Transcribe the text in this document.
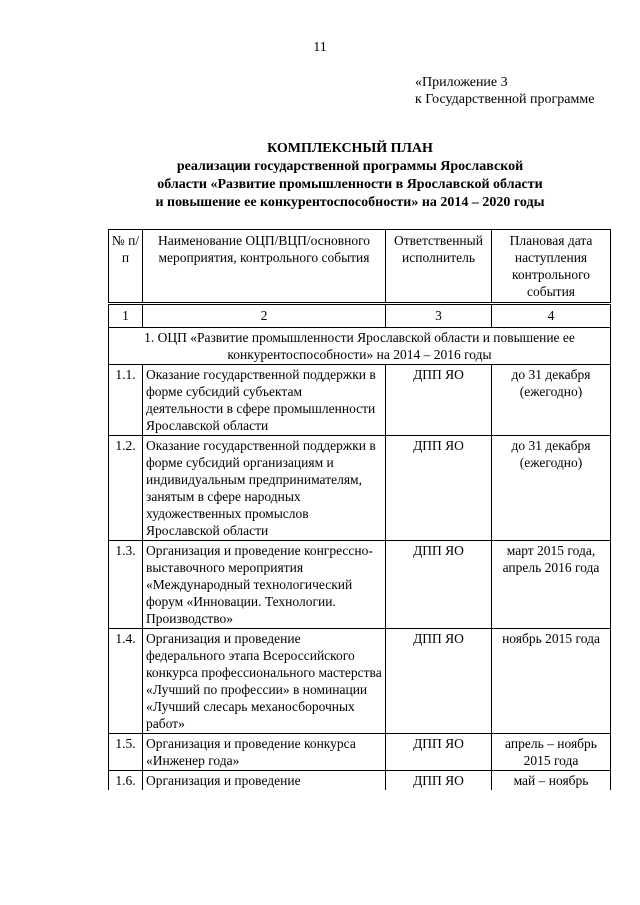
11
«Приложение 3
к Государственной программе
КОМПЛЕКСНЫЙ ПЛАН
реализации государственной программы Ярославской
области «Развитие промышленности в Ярославской области
и повышение ее конкурентоспособности» на 2014 – 2020 годы
№ п/п	Наименование ОЦП/ВЦП/основного мероприятия, контрольного события	Ответственный исполнитель	Плановая дата наступления контрольного события
1	2	3	4
1. ОЦП «Развитие промышленности Ярославской области и повышение ее конкурентоспособности» на 2014 – 2016 годы			
1.1.	Оказание государственной поддержки в форме субсидий субъектам деятельности в сфере промышленности Ярославской области	ДПП ЯО	до 31 декабря (ежегодно)
1.2.	Оказание государственной поддержки в форме субсидий организациям и индивидуальным предпринимателям, занятым в сфере народных художественных промыслов Ярославской области	ДПП ЯО	до 31 декабря (ежегодно)
1.3.	Организация и проведение конгрессно-выставочного мероприятия «Международный технологический форум «Инновации. Технологии. Производство»	ДПП ЯО	март 2015 года, апрель 2016 года
1.4.	Организация и проведение федерального этапа Всероссийского конкурса профессионального мастерства «Лучший по профессии» в номинации «Лучший слесарь механосборочных работ»	ДПП ЯО	ноябрь 2015 года
1.5.	Организация и проведение конкурса «Инженер года»	ДПП ЯО	апрель – ноябрь 2015 года
1.6.	Организация и проведение	ДПП ЯО	май – ноябрь
